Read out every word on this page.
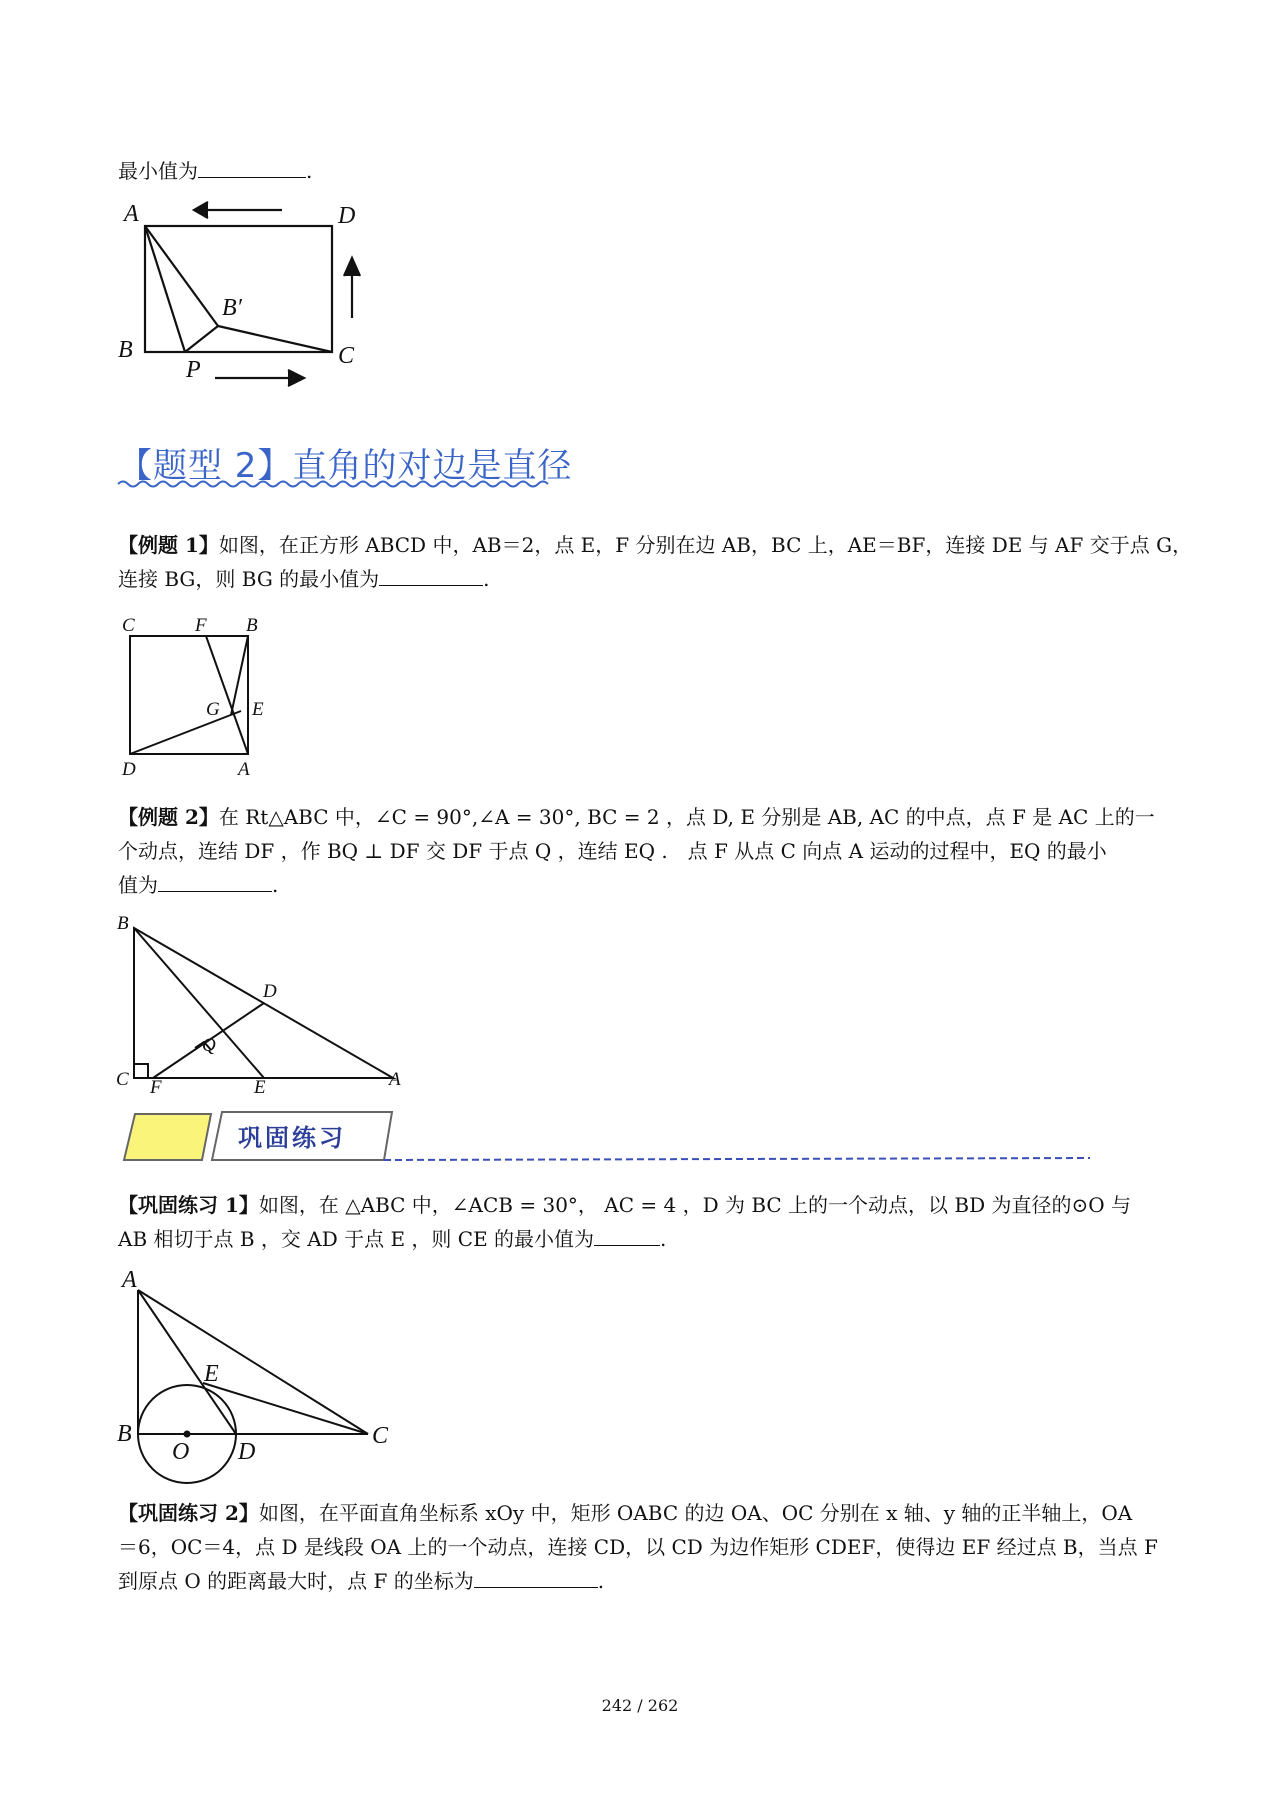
最小值为	.
A	D
B′
B	C
P
【题型 2】直角的对边是直径
【例题 1】如图，在正方形 ABCD 中，AB＝2，点 E，F 分别在边 AB，BC 上，AE＝BF，连接 DE 与 AF 交于点 G，
连接 BG，则 BG 的最小值为	.
C	F B
G E
D	A
【例题 2】在 Rt△ABC 中，∠C = 90°,∠A = 30°, BC = 2 ，点 D, E 分别是 AB, AC 的中点，点 F 是 AC 上的一
个动点，连结 DF ，作 BQ ⊥ DF 交 DF 于点 Q ，连结 EQ .　点 F 从点 C 向点 A 运动的过程中，EQ 的最小
值为	.
B
D
Q
C F	E	A
巩固练习
【巩固练习 1】如图，在 △ABC 中，∠ACB = 30°， AC = 4 ，D 为 BC 上的一个动点，以 BD 为直径的⊙O 与
AB 相切于点 B ，交 AD 于点 E ，则 CE 的最小值为	.
A
E
B	C
O D
【巩固练习 2】如图，在平面直角坐标系 xOy 中，矩形 OABC 的边 OA、OC 分别在 x 轴、y 轴的正半轴上，OA
＝6，OC＝4，点 D 是线段 OA 上的一个动点，连接 CD，以 CD 为边作矩形 CDEF，使得边 EF 经过点 B，当点 F
到原点 O 的距离最大时，点 F 的坐标为	.
242 / 262
